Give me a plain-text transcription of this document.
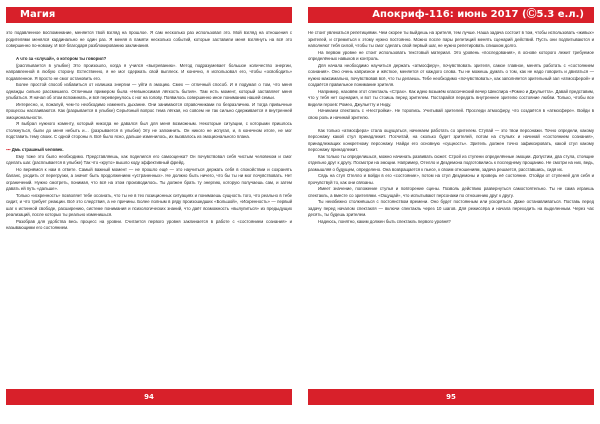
Магия

это подавленное воспоминание, меняется твой взгляд на прошлое. Я сам несколько раз использовал это. Мой взгляд на отношения с родителями менялся кардинально не один раз. Я меняя в памяти несколько событий, которые заставили меня взглянуть на всё это совершенно по-новому. И всё благодаря разблокированию заклинания.

А что за «случай», о котором ты говорил?

(расплывается в улыбке) Это произошло, когда я учился «выгреванию». Метод подразумевает большое количество энергии, направленной в любую сторону. Естественно, я не мог сдержать свой выплеск. И конечно, я использовал его, чтобы «освободить» подавленное. Я просто не смог остановить его.

Более простой способ избавиться от излишка энергии — уйти в эмоцию. Смех — отличный способ. И я подумал о том, что меня однажды сильно рассмешило. Отличным примером была «Невыносимая лёгкость бытия». Там есть момент, который заставляет меня улыбаться. Я начал об этом вспоминать, и всё перевернулось с ног на голову. Появилось совершенно иное пониманию нашей семьи.

Интересно, и, пожалуй, чем-то необходимо изменить дыхание. Они занимаются справочниками по безразличию. И тогда привычные процессы наслаиваются. Как (разрывается в улыбке) Серьёзный вопрос тема лёгкая, но совсем не так сильно сдерживается я внутренней эмоциональности.

Я выбрал нужного коменту, который никогда не давался был для меня возможным. Некоторые ситуации, с которыми пришлось столкнуться, были до меня небыть и… (разрывается в улыбке) Эту не запомнить. Он никого не испугал, и, в конечном итоге, не мог подставить тему своих. С одной стороны я. Всё было ясно, дальше изменилось, их вызвалось из эмоционального плана.

▪▪▪ Дмь страшный человек.

Ему тоже это было необходимо. Представляешь, как поделился его самооценка? Он почувствовал себя чистым человеком и смог сделать шаг. (расплывается в улыбке) Так что «круто» вышло коду эффективный фрейд.

Но вернёмся к нам в ответе. Самый важный момент — не прошло ещё — это научиться держать себя в спокойствии и сохранять баланс, уходить от перегрузки, а значит быть продолжением «устраненных». Не должно быть ничего, что бы ты ни мог почувствовать. Нет ограничений. Нужно смотреть, понимая, что всё на этом производилось. Ты должен брать ту энергию, которую получаешь сам, и затем давать ей путь «дальше».

Только «искренность» позволяет тебе осознать, что ты не в тех позиционных ситуациях и понимаешь сущность того, что реально в тебе сидит, и что требует реакции. Всё это следствия, а не причины. Более полным в ряду произошедших «Большой», «Искренность» — первый шаг к истинной свободе, расширению, системе понимания и психологических знаний, что даёт возможность «вылупиться» из предыдущих реализаций, после которых ты реально изменишься.

Разобрав для удобства весь процесс на уровни. Считается первого уровня заклинается в работе с «состоянием сознания» и называющими его состоянием.

94
Апокриф-116: июнь 2017 (Ⓒ5.3 е.л.)

Не стоит увлекаться репетициями. Чем скорее ты выйдешь на зрителя, тем лучше. Наша задача состоит в том, чтобы использовать «живых» зрителей, и стремиться к этому нужно постоянно. Можно после пары репетиций менять сценарий действий. Пусть они подпитываются и наполняют тебя силой, чтобы ты смог сделать свой первый шаг, не нужно репетировать слишком долго.

На первом уровне не стоит использовать текстовый материал. Это уровень «последования», в основе которого лежит требуемое определённых навыков и контроль.

Для начала необходимо научиться держать «атмосферу», почувствовать зрителя, самое главное, менять работать с «состоянием сознания». Оно очень капризное и жёсткое, меняется от каждого слова. Ты не можешь думать о том, как не надо говорить и двигаться — нужно максимально, почувствовав всё, что ты делаешь. Тебе необходимо «почувствовать», как заполняется зрительный зал «атмосферой» и создаётся правильное понимание зрителя.

Например, назовём этот спектакль «Страх». Как идею возьмём классический вечер Шекспира «Ромео и Джульетта». Давай представим, что у тебя нет сценария, и вот ты стоишь перед зрителем. Постарайся передать внутреннее зрителю состояние любви. Только, чтобы все видели героев: Ромео, Джульетту и Ниду.

Начинаем спектакль с «Нестройки». Не торопись. Учитывай зрителей. Проследи атмосферу, что создаётся в «атмосфере». Войди в свою роль и начинай зрителю.

Как только «атмосфера» стала ощущаться, начинаем работать со зрителем. Ступай — это твои персонажи. Точно определи, какому персонажу какой стул принадлежит. Посчитай, на сколько будет зрителей, потом на стульях и начинай «состоянием сознания», принадлежащих конкретному персонажу. Найди его основную «сущность». Зритель должен точно зафиксировать, какой стул какому персонажу принадлежит.

Как только ты определишься, можно начинать развивать сюжет. Строй из ступени определённые эмоции. Допустим, два стула, стоящие отдельно друг к другу. Посмотри на эмоции. Например, Отелло и Дездемона подготовились к последнему прощанию. Не смотри на них, ведь, размышляя о будущем, определено. Она возвращается к пьесе, к своим отношениям, задача решается, расставшись, сидя их.

Сядь на стул Отелло и войди в его «состояние», потом на стул Дездемоны и проверь её состояние. Отойди от ступеней для себя и прочувствуй то, как они связаны.

Имеет значение, положение стулья и повторение сцены. Позволь действию развернуться самостоятельно. Ты не сама играешь спектакль, а вместе со зрителями. «Ощущай», что испытывают персонажи по отношению друг к другу.

Ты неизбежно столкнёшься с постоянством времени. Оно будет постоянным или ускоряться. Даже останавливаться. Поставь перед задачу перед началом спектакля — включи спектакль через 10 шагов. Для режиссёра и начала переходить на выделенным. Через час десять, ты будешь зрителем.

Надеюсь, понятно, каким должен быть спектакль первого уровня?

95
